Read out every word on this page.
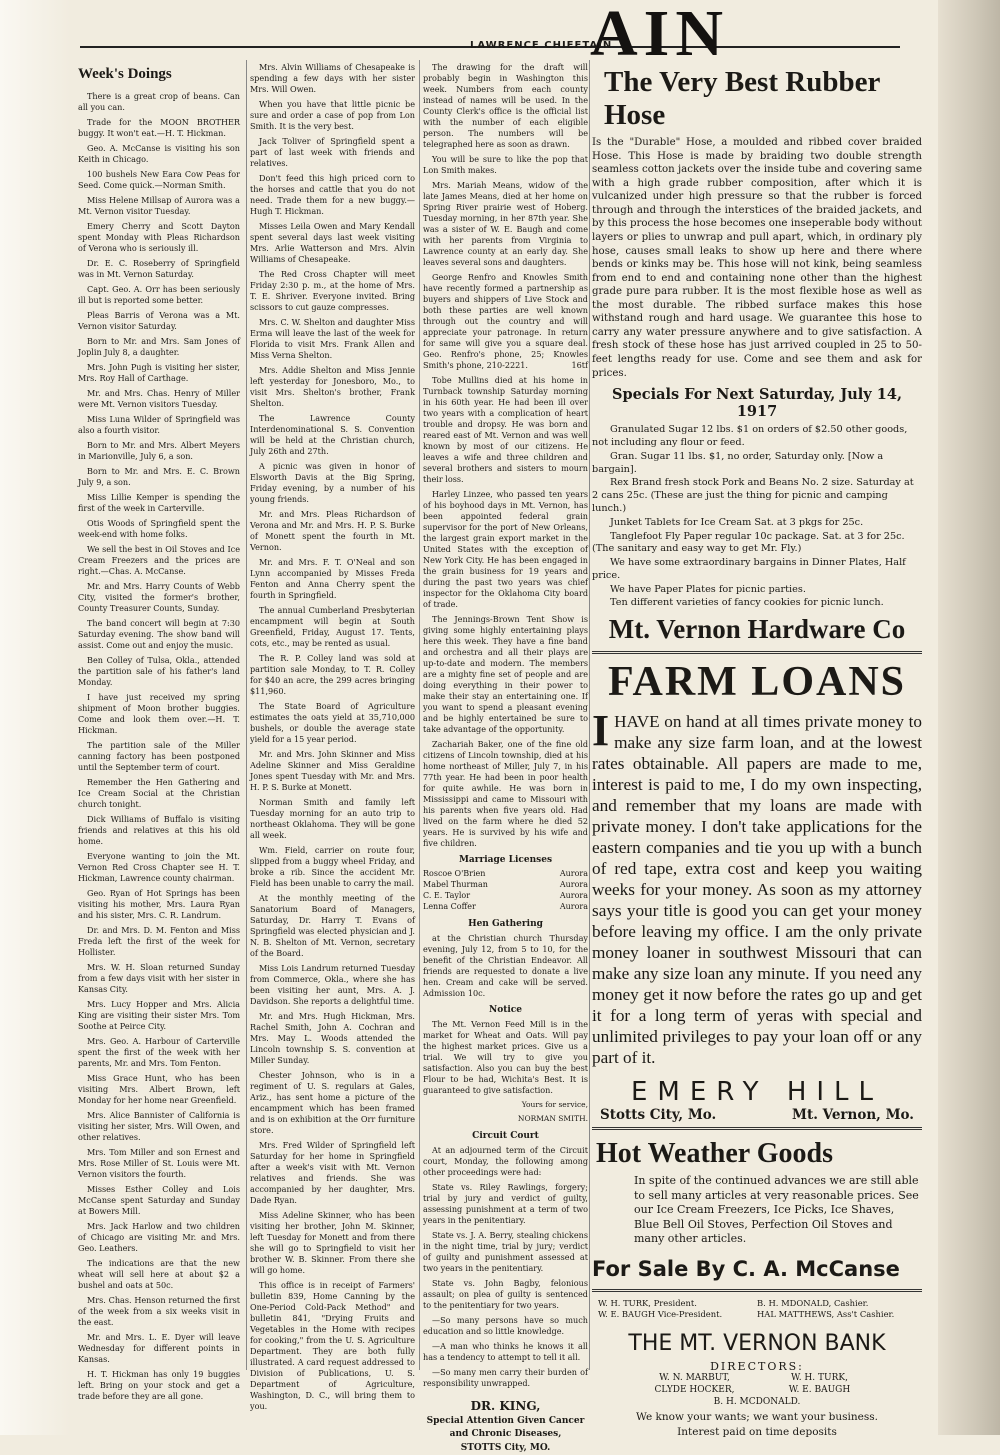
AIN
LAWRENCE CHIEFTAIN
Week's Doings

There is a great crop of beans. Can all you can.

Trade for the MOON BROTHER buggy. It won't eat.—H. T. Hickman.

Geo. A. McCanse is visiting his son Keith in Chicago.

100 bushels New Eara Cow Peas for Seed. Come quick.—Norman Smith.

Miss Helene Millsap of Aurora was a Mt. Vernon visitor Tuesday.

Emery Cherry and Scott Dayton spent Monday with Pleas Richardson of Verona who is seriously ill.

Dr. E. C. Roseberry of Springfield was in Mt. Vernon Saturday.

Capt. Geo. A. Orr has been seriously ill but is reported some better.

Pleas Barris of Verona was a Mt. Vernon visitor Saturday.

Born to Mr. and Mrs. Sam Jones of Joplin July 8, a daughter.

Mrs. John Pugh is visiting her sister, Mrs. Roy Hall of Carthage.

Mr. and Mrs. Chas. Henry of Miller were Mt. Vernon visitors Tuesday.

Miss Luna Wilder of Springfield was also a fourth visitor.

Born to Mr. and Mrs. Albert Meyers in Marionville, July 6, a son.

Born to Mr. and Mrs. E. C. Brown July 9, a son.

Miss Lillie Kemper is spending the first of the week in Carterville.

Otis Woods of Springfield spent the week-end with home folks.

We sell the best in Oil Stoves and Ice Cream Freezers and the prices are right.—Chas. A. McCanse.

Mr. and Mrs. Harry Counts of Webb City, visited the former's brother, County Treasurer Counts, Sunday.

The band concert will begin at 7:30 Saturday evening. The show band will assist. Come out and enjoy the music.

Ben Colley of Tulsa, Okla., attended the partition sale of his father's land Monday.

I have just received my spring shipment of Moon brother buggies. Come and look them over.—H. T. Hickman.

The partition sale of the Miller canning factory has been postponed until the September term of court.

Remember the Hen Gathering and Ice Cream Social at the Christian church tonight.

Dick Williams of Buffalo is visiting friends and relatives at this his old home.

Everyone wanting to join the Mt. Vernon Red Cross Chapter see H. T. Hickman, Lawrence county chairman.

Geo. Ryan of Hot Springs has been visiting his mother, Mrs. Laura Ryan and his sister, Mrs. C. R. Landrum.

Dr. and Mrs. D. M. Fenton and Miss Freda left the first of the week for Hollister.

Mrs. W. H. Sloan returned Sunday from a few days visit with her sister in Kansas City.

Mrs. Lucy Hopper and Mrs. Alicia King are visiting their sister Mrs. Tom Soothe at Peirce City.

Mrs. Geo. A. Harbour of Carterville spent the first of the week with her parents, Mr. and Mrs. Tom Fenton.

Miss Grace Hunt, who has been visiting Mrs. Albert Brown, left Monday for her home near Greenfield.

Mrs. Alice Bannister of California is visiting her sister, Mrs. Will Owen, and other relatives.

Mrs. Tom Miller and son Ernest and Mrs. Rose Miller of St. Louis were Mt. Vernon visitors the fourth.

Misses Esther Colley and Lois McCanse spent Saturday and Sunday at Bowers Mill.

Mrs. Jack Harlow and two children of Chicago are visiting Mr. and Mrs. Geo. Leathers.

The indications are that the new wheat will sell here at about $2 a bushel and oats at 50c.

Mrs. Chas. Henson returned the first of the week from a six weeks visit in the east.

Mr. and Mrs. L. E. Dyer will leave Wednesday for different points in Kansas.

H. T. Hickman has only 19 buggies left. Bring on your stock and get a trade before they are all gone.

Mrs. Alvin Williams of Chesapeake is spending a few days with her sister Mrs. Will Owen.

When you have that little picnic be sure and order a case of pop from Lon Smith. It is the very best.

Jack Toliver of Springfield spent a part of last week with friends and relatives.

Don't feed this high priced corn to the horses and cattle that you do not need. Trade them for a new buggy.—Hugh T. Hickman.

Misses Leila Owen and Mary Kendall spent several days last week visiting Mrs. Arlie Watterson and Mrs. Alvin Williams of Chesapeake.

The Red Cross Chapter will meet Friday 2:30 p. m., at the home of Mrs. T. E. Shriver. Everyone invited. Bring scissors to cut gauze compresses.

Mrs. C. W. Shelton and daughter Miss Erma will leave the last of the week for Florida to visit Mrs. Frank Allen and Miss Verna Shelton.

Mrs. Addie Shelton and Miss Jennie left yesterday for Jonesboro, Mo., to visit Mrs. Shelton's brother, Frank Shelton.

The Lawrence County Interdenominational S. S. Convention will be held at the Christian church, July 26th and 27th.

A picnic was given in honor of Elsworth Davis at the Big Spring, Friday evening, by a number of his young friends.

Mr. and Mrs. Pleas Richardson of Verona and Mr. and Mrs. H. P. S. Burke of Monett spent the fourth in Mt. Vernon.

Mr. and Mrs. F. T. O'Neal and son Lynn accompanied by Misses Freda Fenton and Anna Cherry spent the fourth in Springfield.

The annual Cumberland Presbyterian encampment will begin at South Greenfield, Friday, August 17. Tents, cots, etc., may be rented as usual.

The R. P. Colley land was sold at partition sale Monday, to T. R. Colley for $40 an acre, the 299 acres bringing $11,960.

The State Board of Agriculture estimates the oats yield at 35,710,000 bushels, or double the average state yield for a 15 year period.

Mr. and Mrs. John Skinner and Miss Adeline Skinner and Miss Geraldine Jones spent Tuesday with Mr. and Mrs. H. P. S. Burke at Monett.

Norman Smith and family left Tuesday morning for an auto trip to northeast Oklahoma. They will be gone all week.

Wm. Field, carrier on route four, slipped from a buggy wheel Friday, and broke a rib. Since the accident Mr. Field has been unable to carry the mail.

At the monthly meeting of the Sanatorium Board of Managers, Saturday, Dr. Harry T. Evans of Springfield was elected physician and J. N. B. Shelton of Mt. Vernon, secretary of the Board.

Miss Lois Landrum returned Tuesday from Commerce, Okla., where she has been visiting her aunt, Mrs. A. J. Davidson. She reports a delightful time.

Mr. and Mrs. Hugh Hickman, Mrs. Rachel Smith, John A. Cochran and Mrs. May L. Woods attended the Lincoln township S. S. convention at Miller Sunday.

Chester Johnson, who is in a regiment of U. S. regulars at Gales, Ariz., has sent home a picture of the encampment which has been framed and is on exhibition at the Orr furniture store.

Mrs. Fred Wilder of Springfield left Saturday for her home in Springfield after a week's visit with Mt. Vernon relatives and friends. She was accompanied by her daughter, Mrs. Dade Ryan.

Miss Adeline Skinner, who has been visiting her brother, John M. Skinner, left Tuesday for Monett and from there she will go to Springfield to visit her brother W. B. Skinner. From there she will go home.

This office is in receipt of Farmers' bulletin 839, Home Canning by the One-Period Cold-Pack Method" and bulletin 841, "Drying Fruits and Vegetables in the Home with recipes for cooking," from the U. S. Agriculture Department. They are both fully illustrated. A card request addressed to Division of Publications, U. S. Department of Agriculture, Washington, D. C., will bring them to you.

The drawing for the draft will probably begin in Washington this week. Numbers from each county instead of names will be used. In the County Clerk's office is the official list with the number of each eligible person. The numbers will be telegraphed here as soon as drawn.

You will be sure to like the pop that Lon Smith makes.

Mrs. Mariah Means, widow of the late James Means, died at her home on Spring River prairie west of Hoberg. Tuesday morning, in her 87th year. She was a sister of W. E. Baugh and come with her parents from Virginia to Lawrence county at an early day. She leaves several sons and daughters.

George Renfro and Knowles Smith have recently formed a partnership as buyers and shippers of Live Stock and both these parties are well known through out the country and will appreciate your patronage. In return for same will give you a square deal. Geo. Renfro's phone, 25; Knowles Smith's phone, 210-2221.	16tf

Tobe Mullins died at his home in Turnback township Saturday morning in his 60th year. He had been ill over two years with a complication of heart trouble and dropsy. He was born and reared east of Mt. Vernon and was well known by most of our citizens. He leaves a wife and three children and several brothers and sisters to mourn their loss.

Harley Linzee, who passed ten years of his boyhood days in Mt. Vernon, has been appointed federal grain supervisor for the port of New Orleans, the largest grain export market in the United States with the exception of New York City. He has been engaged in the grain business for 19 years and during the past two years was chief inspector for the Oklahoma City board of trade.

The Jennings-Brown Tent Show is giving some highly entertaining plays here this week. They have a fine band and orchestra and all their plays are up-to-date and modern. The members are a mighty fine set of people and are doing everything in their power to make their stay an entertaining one. If you want to spend a pleasant evening and be highly entertained be sure to take advantage of the opportunity.

Zachariah Baker, one of the fine old citizens of Lincoln township, died at his home northeast of Miller, July 7, in his 77th year. He had been in poor health for quite awhile. He was born in Mississippi and came to Missouri with his parents when five years old. Had lived on the farm where he died 52 years. He is survived by his wife and five children.

Marriage Licenses
Roscoe O'Brien	Aurora
Mabel Thurman	Aurora
C. E. Taylor	Aurora
Lenna Coffer	Aurora
Hen Gathering

at the Christian church Thursday evening, July 12, from 5 to 10, for the benefit of the Christian Endeavor. All friends are requested to donate a live hen. Cream and cake will be served. Admission 10c.

Notice

The Mt. Vernon Feed Mill is in the market for Wheat and Oats. Will pay the highest market prices. Give us a trial. We will try to give you satisfaction. Also you can buy the best Flour to be had, Wichita's Best. It is guaranteed to give satisfaction.

Yours for service,
NORMAN SMITH.
Circuit Court

At an adjourned term of the Circuit court, Monday, the following among other proceedings were had:

State vs. Riley Rawlings, forgery; trial by jury and verdict of guilty, assessing punishment at a term of two years in the penitentiary.

State vs. J. A. Berry, stealing chickens in the night time, trial by jury; verdict of guilty and punishment assessed at two years in the penitentiary.

State vs. John Bagby, felonious assault; on plea of guilty is sentenced to the penitentiary for two years.

—So many persons have so much education and so little knowledge.

—A man who thinks he knows it all has a tendency to attempt to tell it all.

—So many men carry their burden of responsibility unwrapped.

DR. KING,
Special Attention Given Cancer
and Chronic Diseases,
STOTTS City, MO.
The Very Best Rubber Hose

Is the "Durable" Hose, a moulded and ribbed cover braided Hose. This Hose is made by braiding two double strength seamless cotton jackets over the inside tube and covering same with a high grade rubber composition, after which it is vulcanized under high pressure so that the rubber is forced through and through the interstices of the braided jackets, and by this process the hose becomes one inseperable body without layers or plies to unwrap and pull apart, which, in ordinary ply hose, causes small leaks to show up here and there where bends or kinks may be. This hose will not kink, being seamless from end to end and containing none other than the highest grade pure para rubber. It is the most flexible hose as well as the most durable. The ribbed surface makes this hose withstand rough and hard usage. We guarantee this hose to carry any water pressure anywhere and to give satisfaction. A fresh stock of these hose has just arrived coupled in 25 to 50-feet lengths ready for use. Come and see them and ask for prices.

Specials For Next Saturday, July 14, 1917

Granulated Sugar 12 lbs. $1 on orders of $2.50 other goods, not including any flour or feed.

Gran. Sugar 11 lbs. $1, no order, Saturday only. [Now a bargain].

Rex Brand fresh stock Pork and Beans No. 2 size. Saturday at 2 cans 25c. (These are just the thing for picnic and camping lunch.)

Junket Tablets for Ice Cream Sat. at 3 pkgs for 25c.

Tanglefoot Fly Paper regular 10c package. Sat. at 3 for 25c. (The sanitary and easy way to get Mr. Fly.)

We have some extraordinary bargains in Dinner Plates, Half price.

We have Paper Plates for picnic parties.

Ten different varieties of fancy cookies for picnic lunch.

Mt. Vernon Hardware Co
FARM LOANS

IHAVE on hand at all times private money to make any size farm loan, and at the lowest rates obtainable. All papers are made to me, interest is paid to me, I do my own inspecting, and remember that my loans are made with private money. I don't take applications for the eastern companies and tie you up with a bunch of red tape, extra cost and keep you waiting weeks for your money. As soon as my attorney says your title is good you can get your money before leaving my office. I am the only private money loaner in southwest Missouri that can make any size loan any minute. If you need any money get it now before the rates go up and get it for a long term of yeras with special and unlimited privileges to pay your loan off or any part of it.

EMERY HILL
Stotts City, Mo.	Mt. Vernon, Mo.
Hot Weather Goods

In spite of the continued advances we are still able to sell many articles at very reasonable prices. See our Ice Cream Freezers, Ice Picks, Ice Shaves, Blue Bell Oil Stoves, Perfection Oil Stoves and many other articles.

For Sale By C. A. McCanse
W. H. TURK, President.	B. H. MDONALD, Cashier.
W. E. BAUGH Vice-President.	HAL MATTHEWS, Ass't Cashier.
THE MT. VERNON BANK
DIRECTORS:
W. N. MARBUT,	W. H. TURK,
CLYDE HOCKER,	W. E. BAUGH
B. H. MCDONALD.
We know your wants; we want your business.
Interest paid on time deposits
